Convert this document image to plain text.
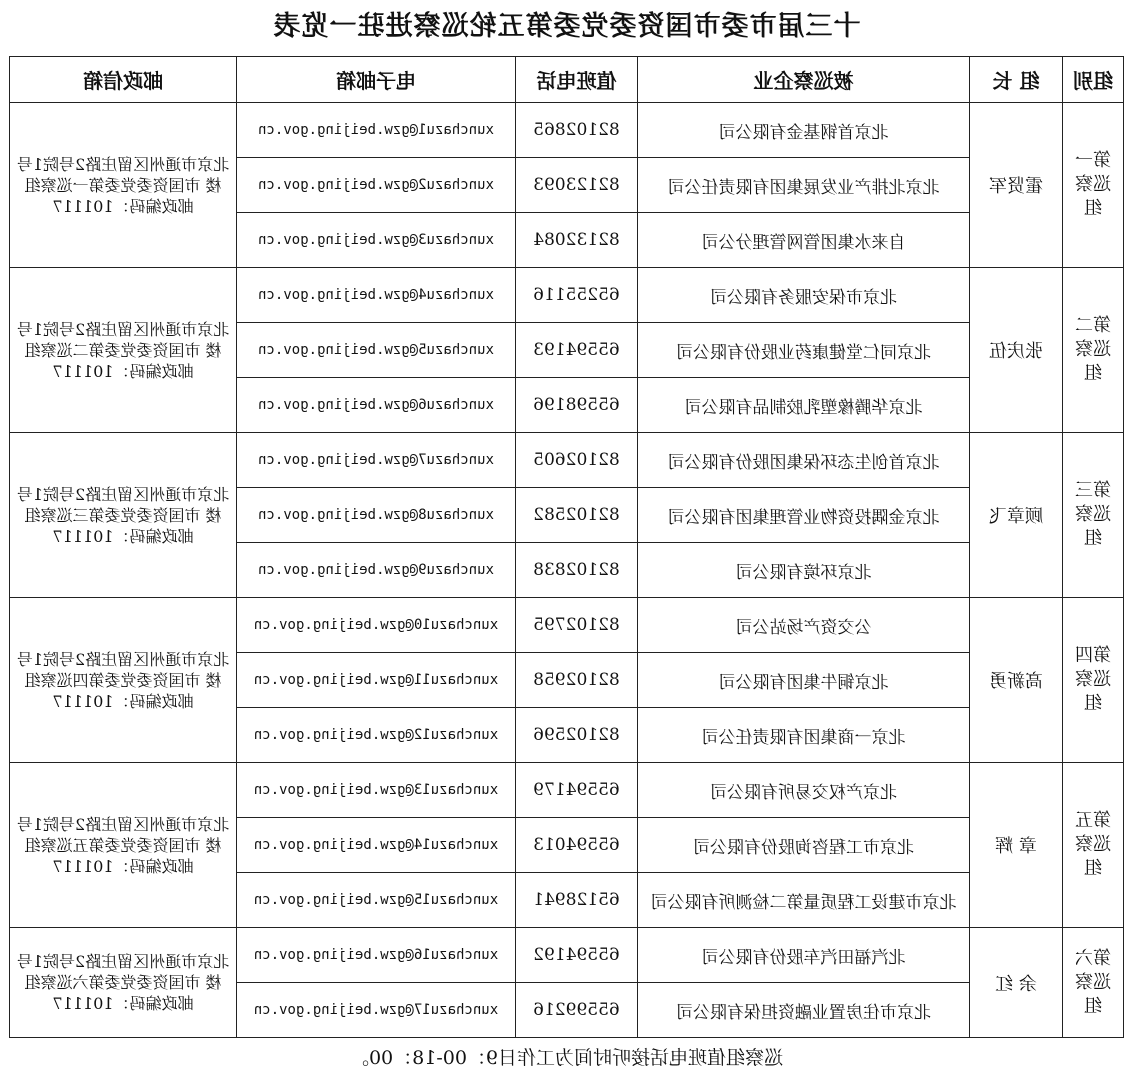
十三届市委市国资委党委第五轮巡察进驻一览表
组别	组 长	被巡察企业	值班电话	电子邮箱	邮政信箱
第一巡察组	霍贤军	北京首钢基金有限公司	82102865	xunchazu1@gzw.beijing.gov.cn	北京市通州区留庄路2号院1号楼 市国资委党委第一巡察组 邮政编码：101117
		北京北排产业发展集团有限责任公司	82123093	xunchazu2@gzw.beijing.gov.cn	
		自来水集团管网管理分公司	82132084	xunchazu3@gzw.beijing.gov.cn	
第二巡察组	张庆伍	北京市保安服务有限公司	65255116	xunchazu4@gzw.beijing.gov.cn	北京市通州区留庄路2号院1号楼 市国资委党委第二巡察组 邮政编码：101117
		北京同仁堂健康药业股份有限公司	65594193	xunchazu5@gzw.beijing.gov.cn	
		北京华腾橡塑乳胶制品有限公司	65598196	xunchazu6@gzw.beijing.gov.cn	
第三巡察组	顾章飞	北京首创生态环保集团股份有限公司	82102605	xunchazu7@gzw.beijing.gov.cn	北京市通州区留庄路2号院1号楼 市国资委党委第三巡察组 邮政编码：101117
		北京金隅投资物业管理集团有限公司	82102582	xunchazu8@gzw.beijing.gov.cn	
		北京环境有限公司	82102838	xunchazu9@gzw.beijing.gov.cn	
第四巡察组	高新勇	公交资产场站公司	82102795	xunchazu10@gzw.beijing.gov.cn	北京市通州区留庄路2号院1号楼 市国资委党委第四巡察组 邮政编码：101117
		北京铜牛集团有限公司	82102958	xunchazu11@gzw.beijing.gov.cn	
		北京一商集团有限责任公司	82102596	xunchazu12@gzw.beijing.gov.cn	
第五巡察组	章 辉	北京产权交易所有限公司	65594179	xunchazu13@gzw.beijing.gov.cn	北京市通州区留庄路2号院1号楼 市国资委党委第五巡察组 邮政编码：101117
		北京市工程咨询股份有限公司	65594013	xunchazu14@gzw.beijing.gov.cn	
		北京市建设工程质量第二检测所有限公司	65128941	xunchazu15@gzw.beijing.gov.cn	
第六巡察组	余 红	北汽福田汽车股份有限公司	65594192	xunchazu16@gzw.beijing.gov.cn	北京市通州区留庄路2号院1号楼 市国资委党委第六巡察组 邮政编码：101117
		北京市住房置业融资担保有限公司	65599216	xunchazu17@gzw.beijing.gov.cn	
巡察组值班电话接听时间为工作日9：00-18：00。
